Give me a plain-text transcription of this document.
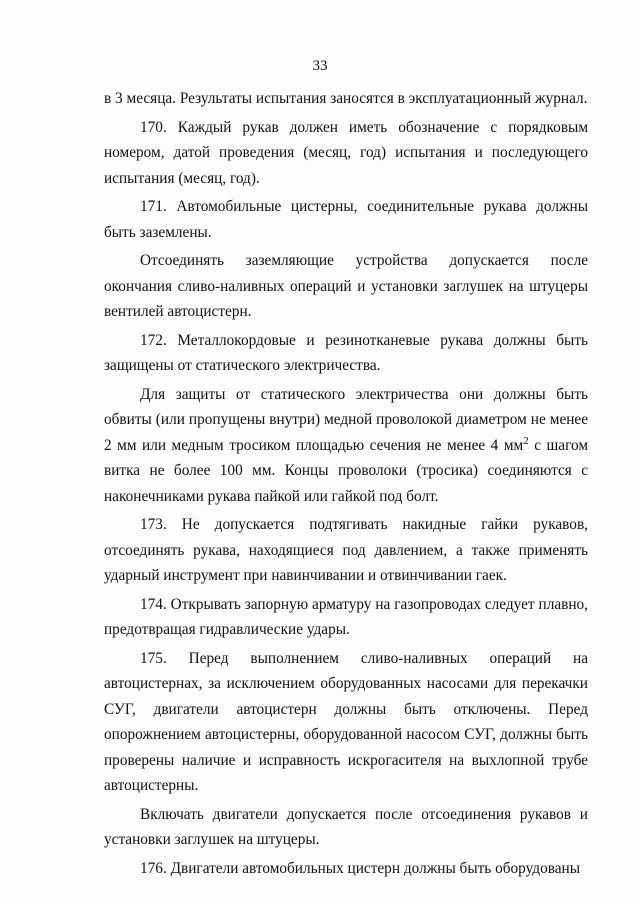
33

в 3 месяца. Результаты испытания заносятся в эксплуатационный журнал.

170. Каждый рукав должен иметь обозначение с порядковым номером, датой проведения (месяц, год) испытания и последующего испытания (месяц, год).

171. Автомобильные цистерны, соединительные рукава должны быть заземлены.

Отсоединять заземляющие устройства допускается после окончания сливо-наливных операций и установки заглушек на штуцеры вентилей автоцистерн.

172. Металлокордовые и резинотканевые рукава должны быть защищены от статического электричества.

Для защиты от статического электричества они должны быть обвиты (или пропущены внутри) медной проволокой диаметром не менее 2 мм или медным тросиком площадью сечения не менее 4 $мм^2$ с шагом витка не более 100 мм. Концы проволоки (тросика) соединяются с наконечниками рукава пайкой или гайкой под болт.

173. Не допускается подтягивать накидные гайки рукавов, отсоединять рукава, находящиеся под давлением, а также применять ударный инструмент при навинчивании и отвинчивании гаек.

174. Открывать запорную арматуру на газопроводах следует плавно, предотвращая гидравлические удары.

175. Перед выполнением сливо-наливных операций на автоцистернах, за исключением оборудованных насосами для перекачки СУГ, двигатели автоцистерн должны быть отключены. Перед опорожнением автоцистерны, оборудованной насосом СУГ, должны быть проверены наличие и исправность искрогасителя на выхлопной трубе автоцистерны.

Включать двигатели допускается после отсоединения рукавов и установки заглушек на штуцеры.

176. Двигатели автомобильных цистерн должны быть оборудованы
